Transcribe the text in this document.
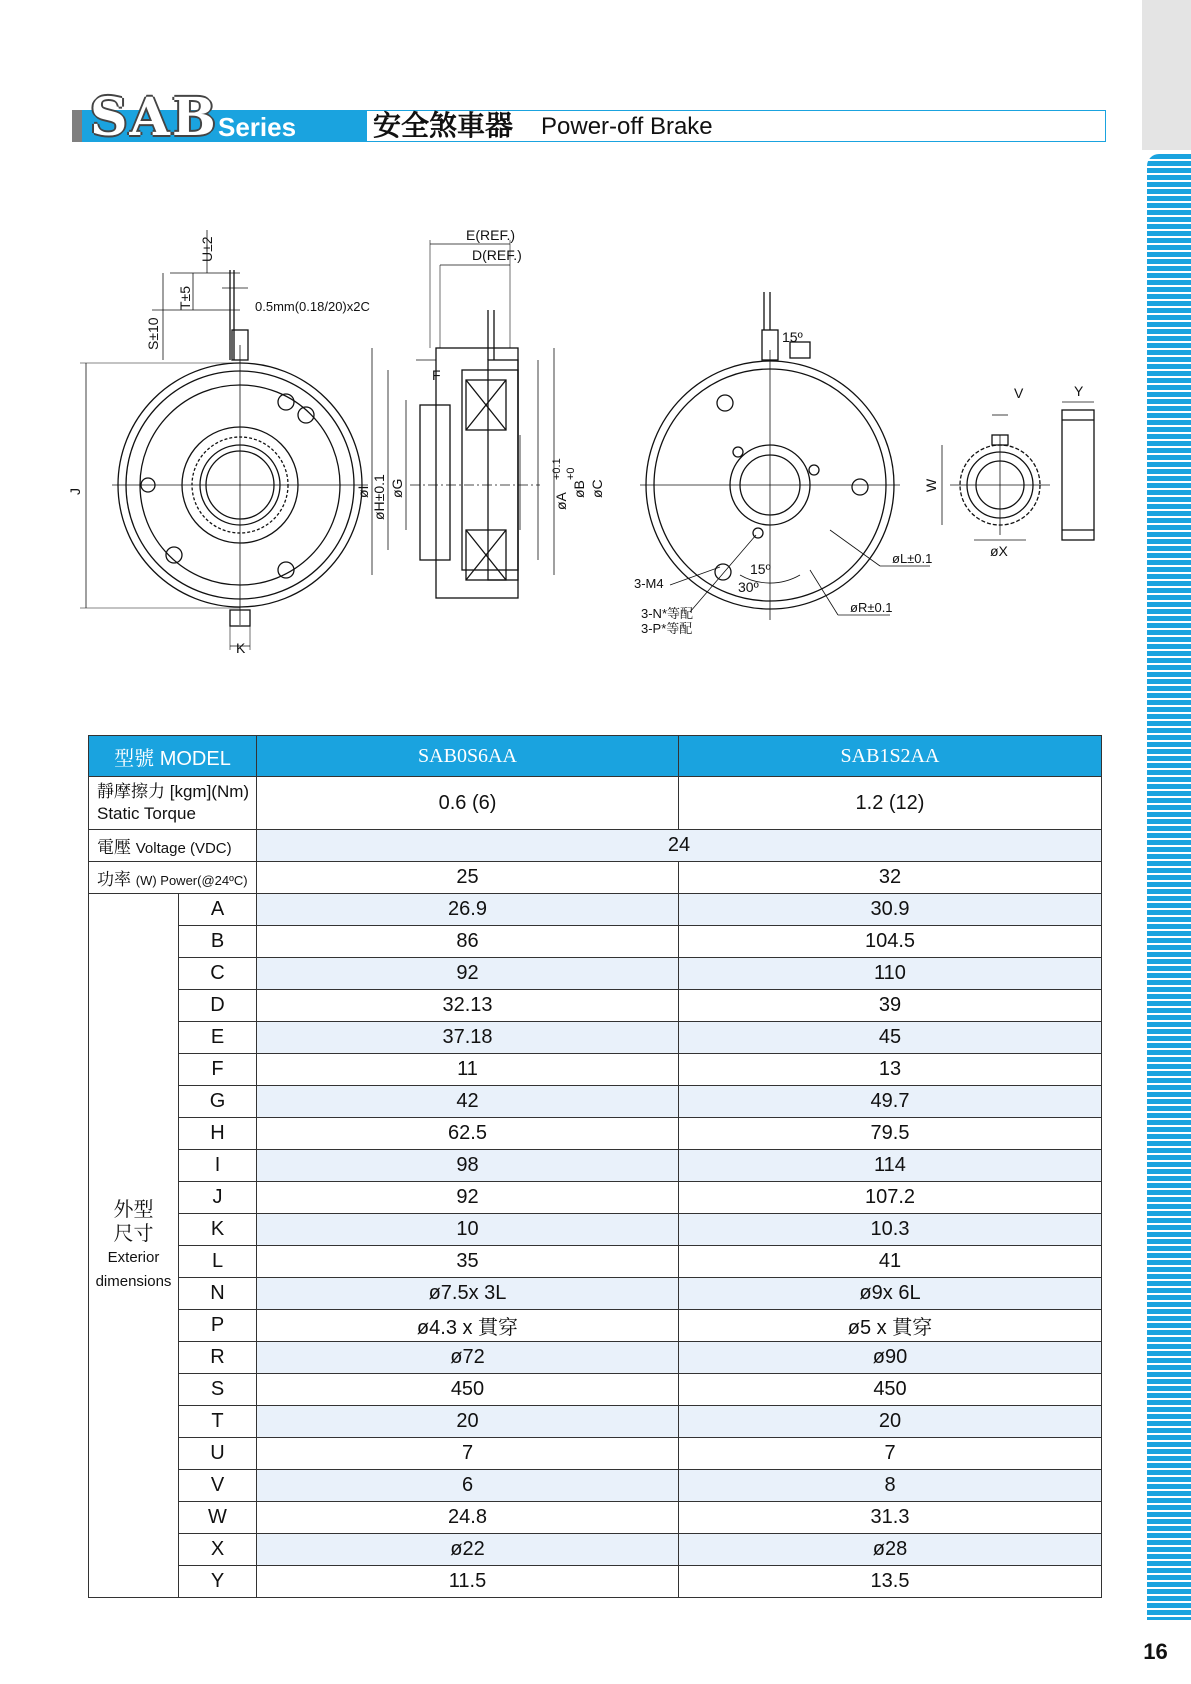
16
SAB Series	安全煞車器 Power-off Brake
U±2
T±5
S±10
0.5mm(0.18/20)x2C
J
K
E(REF.)
D(REF.)
F
øI øH±0.1 øG
øA
+0.1 +0
øB øC
15º
15º
30º
3-M4
3-N*等配
3-P*等配
øL±0.1
øR±0.1
V	Y
W
øX
型號 MODEL		SAB0S6AA	SAB1S2AA
靜摩擦力 [kgm](Nm)
Static Torque		0.6 (6)	1.2 (12)
電壓 Voltage (VDC)		24	
功率 (W) Power(@24ºC)		25	32

外型
尺寸
Exterior
dimensions	A	26.9	30.9
	B	86	104.5
	C	92	110
	D	32.13	39
	E	37.18	45
	F	11	13
	G	42	49.7
	H	62.5	79.5
	I	98	114
	J	92	107.2
	K	10	10.3
	L	35	41
	N	ø7.5x 3L	ø9x 6L
	P	ø4.3 x 貫穿	ø5 x 貫穿
	R	ø72	ø90
	S	450	450
	T	20	20
	U	7	7
	V	6	8
	W	24.8	31.3
	X	ø22	ø28
	Y	11.5	13.5
